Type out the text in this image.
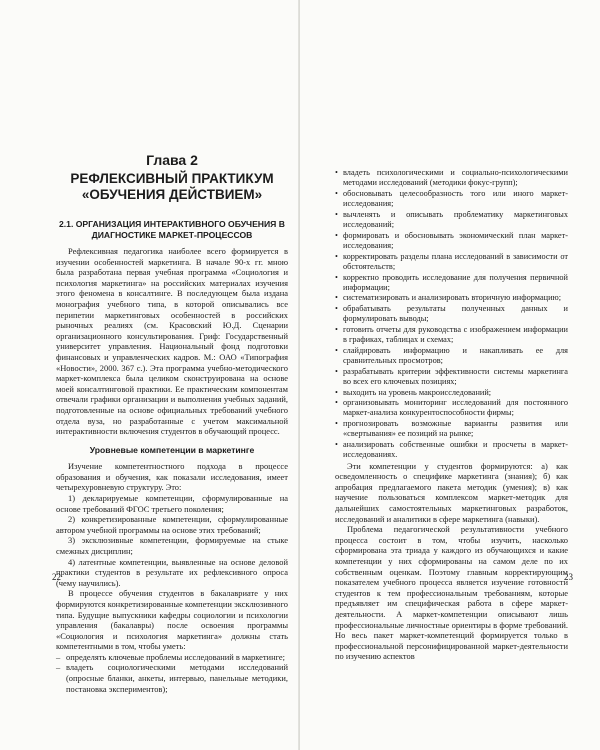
Глава 2
РЕФЛЕКСИВНЫЙ ПРАКТИКУМ «ОБУЧЕНИЯ ДЕЙСТВИЕМ»
2.1. ОРГАНИЗАЦИЯ ИНТЕРАКТИВНОГО ОБУЧЕНИЯ В ДИАГНОСТИКЕ МАРКЕТ-ПРОЦЕССОВ

Рефлексивная педагогика наиболее всего формируется в изучении особенностей маркетинга. В начале 90-х гг. мною была разработана первая учебная программа «Социология и психология маркетинга» на российских материалах изучения этого феномена в консалтинге. В последующем была издана монография учебного типа, в которой описывались все перипетии маркетинговых особенностей в российских рыночных реалиях (см. Красовский Ю.Д. Сценарии организационного консультирования. Гриф: Государственный университет управления. Национальный фонд подготовки финансовых и управленческих кадров. М.: ОАО «Типография «Новости», 2000. 367 с.). Эта программа учебно-методического маркет-комплекса была целиком сконструирована на основе моей консалтинговой практики. Ее практическим компонентам отвечали графики организации и выполнения учебных заданий, подготовленные на основе официальных требований учебного отдела вуза, но разработанные с учетом максимальной интерактивности включения студентов в обучающий процесс.

Уровневые компетенции в маркетинге

Изучение компетентностного подхода в процессе образования и обучения, как показали исследования, имеет четырехуровневую структуру. Это:

1) декларируемые компетенции, сформулированные на основе требований ФГОС третьего поколения;

2) конкретизированные компетенции, сформулированные автором учебной программы на основе этих требований;

3) эксклюзивные компетенции, формируемые на стыке смежных дисциплин;

4) латентные компетенции, выявленные на основе деловой практики студентов в результате их рефлексивного опроса (чему научились).

В процессе обучения студентов в бакалавриате у них формируются конкретизированные компетенции эксклюзивного типа. Будущие выпускники кафедры социологии и психологии управления (бакалавры) после освоения программы «Социология и психология маркетинга» должны стать компетентными в том, чтобы уметь:

– определять ключевые проблемы исследований в маркетинге;
– владеть социологическими методами исследований (опросные бланки, анкеты, интервью, панельные методики, постановка экспериментов);
• владеть психологическими и социально-психологическими методами исследований (методики фокус-групп);
• обосновывать целесообразность того или иного маркет-исследования;
• вычленять и описывать проблематику маркетинговых исследований;
• формировать и обосновывать экономический план маркет-исследования;
• корректировать разделы плана исследований в зависимости от обстоятельств;
• корректно проводить исследование для получения первичной информации;
• систематизировать и анализировать вторичную информацию;
• обрабатывать результаты полученных данных и формулировать выводы;
• готовить отчеты для руководства с изображением информации в графиках, таблицах и схемах;
• слайдировать информацию и накапливать ее для сравнительных просмотров;
• разрабатывать критерии эффективности системы маркетинга во всех его ключевых позициях;
• выходить на уровень макроисследований;
• организовывать мониторинг исследований для постоянного маркет-анализа конкурентоспособности фирмы;
• прогнозировать возможные варианты развития или «свертывания» ее позиций на рынке;
• анализировать собственные ошибки и просчеты в маркет-исследованиях.

Эти компетенции у студентов формируются: а) как осведомленность о специфике маркетинга (знания); б) как апробация предлагаемого пакета методик (умения); в) как научение пользоваться комплексом маркет-методик для дальнейших самостоятельных маркетинговых разработок, исследований и аналитики в сфере маркетинга (навыки).

Проблема педагогической результативности учебного процесса состоит в том, чтобы изучить, насколько сформирована эта триада у каждого из обучающихся и какие компетенции у них сформированы на самом деле по их собственным оценкам. Поэтому главным корректирующим показателем учебного процесса является изучение готовности студентов к тем профессиональным требованиям, которые предъявляет им специфическая работа в сфере маркет-деятельности. А маркет-компетенции описывают лишь профессиональные личностные ориентиры в форме требований. Но весь пакет маркет-компетенций формируется только в профессиональной персонифицированной маркет-деятельности по изучению аспектов

22	23
